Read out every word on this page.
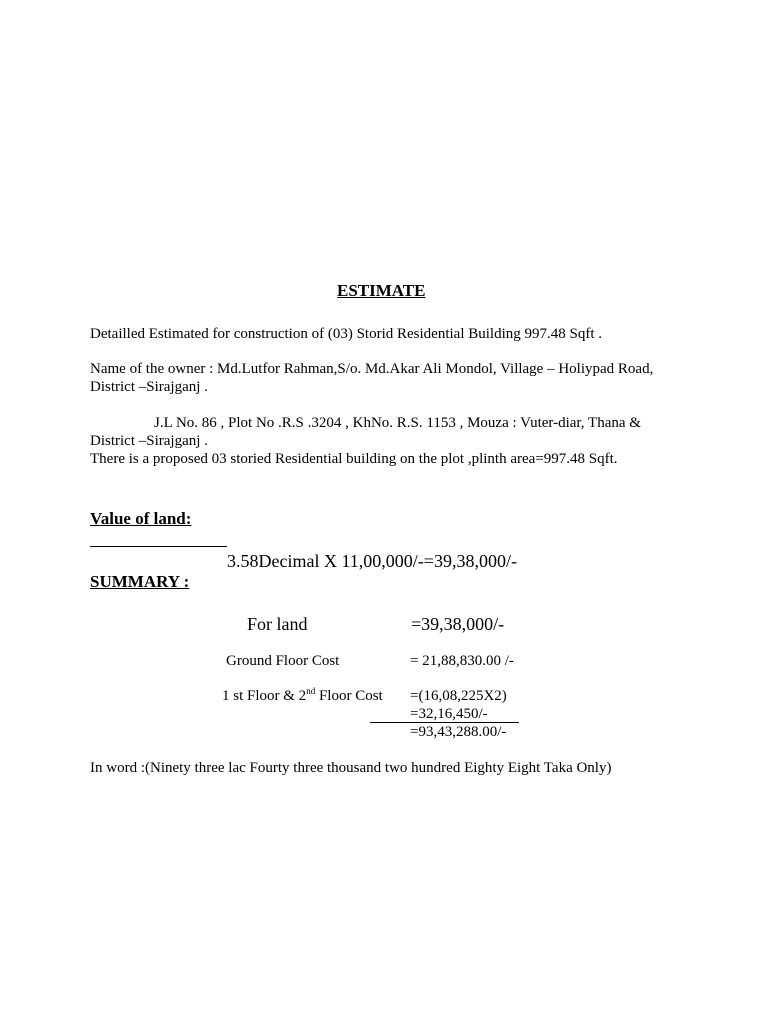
ESTIMATE
Detailled Estimated for construction of (03) Storid Residential Building 997.48 Sqft .
Name of the owner : Md.Lutfor Rahman,S/o. Md.Akar Ali Mondol, Village – Holiypad Road,
District –Sirajganj .
J.L No. 86 , Plot No .R.S .3204 , KhNo. R.S. 1153 , Mouza : Vuter-diar, Thana &
District –Sirajganj .
There is a proposed 03 storied Residential building on the plot ,plinth area=997.48 Sqft.
Value of land:
3.58Decimal X 11,00,000/-=39,38,000/-
SUMMARY :
For land	=39,38,000/-
Ground Floor Cost	= 21,88,830.00 /-
1 st Floor & 2nd Floor Cost =(16,08,225X2)
=32,16,450/-
=93,43,288.00/-
In word :(Ninety three lac Fourty three thousand two hundred Eighty Eight Taka Only)
